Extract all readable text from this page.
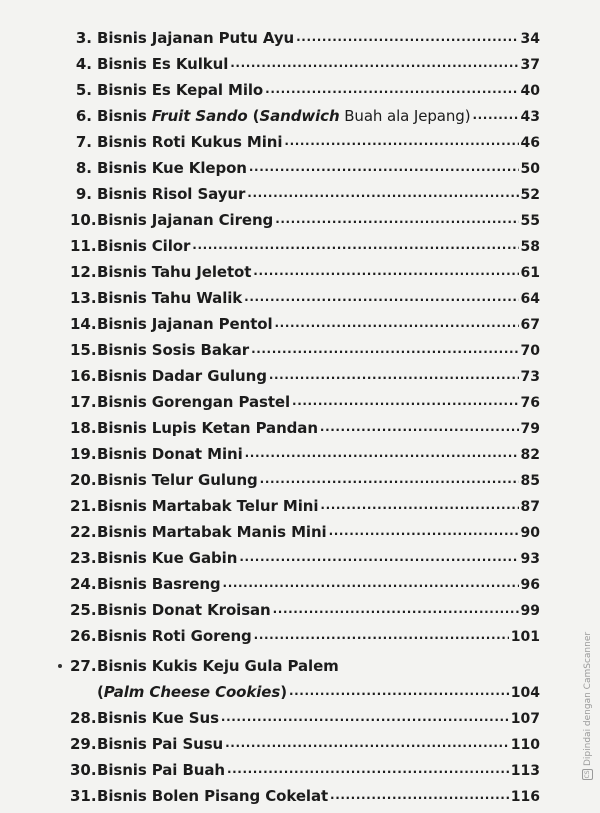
3. Bisnis Jajanan Putu Ayu .....	34
4. Bisnis Es Kulkul .....	37
5. Bisnis Es Kepal Milo .....	40
6. Bisnis Fruit Sando (Sandwich Buah ala Jepang) .....	43
7. Bisnis Roti Kukus Mini .....	46
8. Bisnis Kue Klepon .....	50
9. Bisnis Risol Sayur .....	52
10. Bisnis Jajanan Cireng .....	55
11. Bisnis Cilor .....	58
12. Bisnis Tahu Jeletot .....	61
13. Bisnis Tahu Walik .....	64
14. Bisnis Jajanan Pentol .....	67
15. Bisnis Sosis Bakar .....	70
16. Bisnis Dadar Gulung .....	73
17. Bisnis Gorengan Pastel .....	76
18. Bisnis Lupis Ketan Pandan .....	79
19. Bisnis Donat Mini .....	82
20. Bisnis Telur Gulung .....	85
21. Bisnis Martabak Telur Mini .....	87
22. Bisnis Martabak Manis Mini .....	90
23. Bisnis Kue Gabin .....	93
24. Bisnis Basreng .....	96
25. Bisnis Donat Kroisan .....	99
26. Bisnis Roti Goreng .....	101
27. Bisnis Kukis Keju Gula Palem
(Palm Cheese Cookies) .....	104
28. Bisnis Kue Sus .....	107
29. Bisnis Pai Susu .....	110
30. Bisnis Pai Buah .....	113
31. Bisnis Bolen Pisang Cokelat .....	116
CS
Dipindai dengan CamScanner
